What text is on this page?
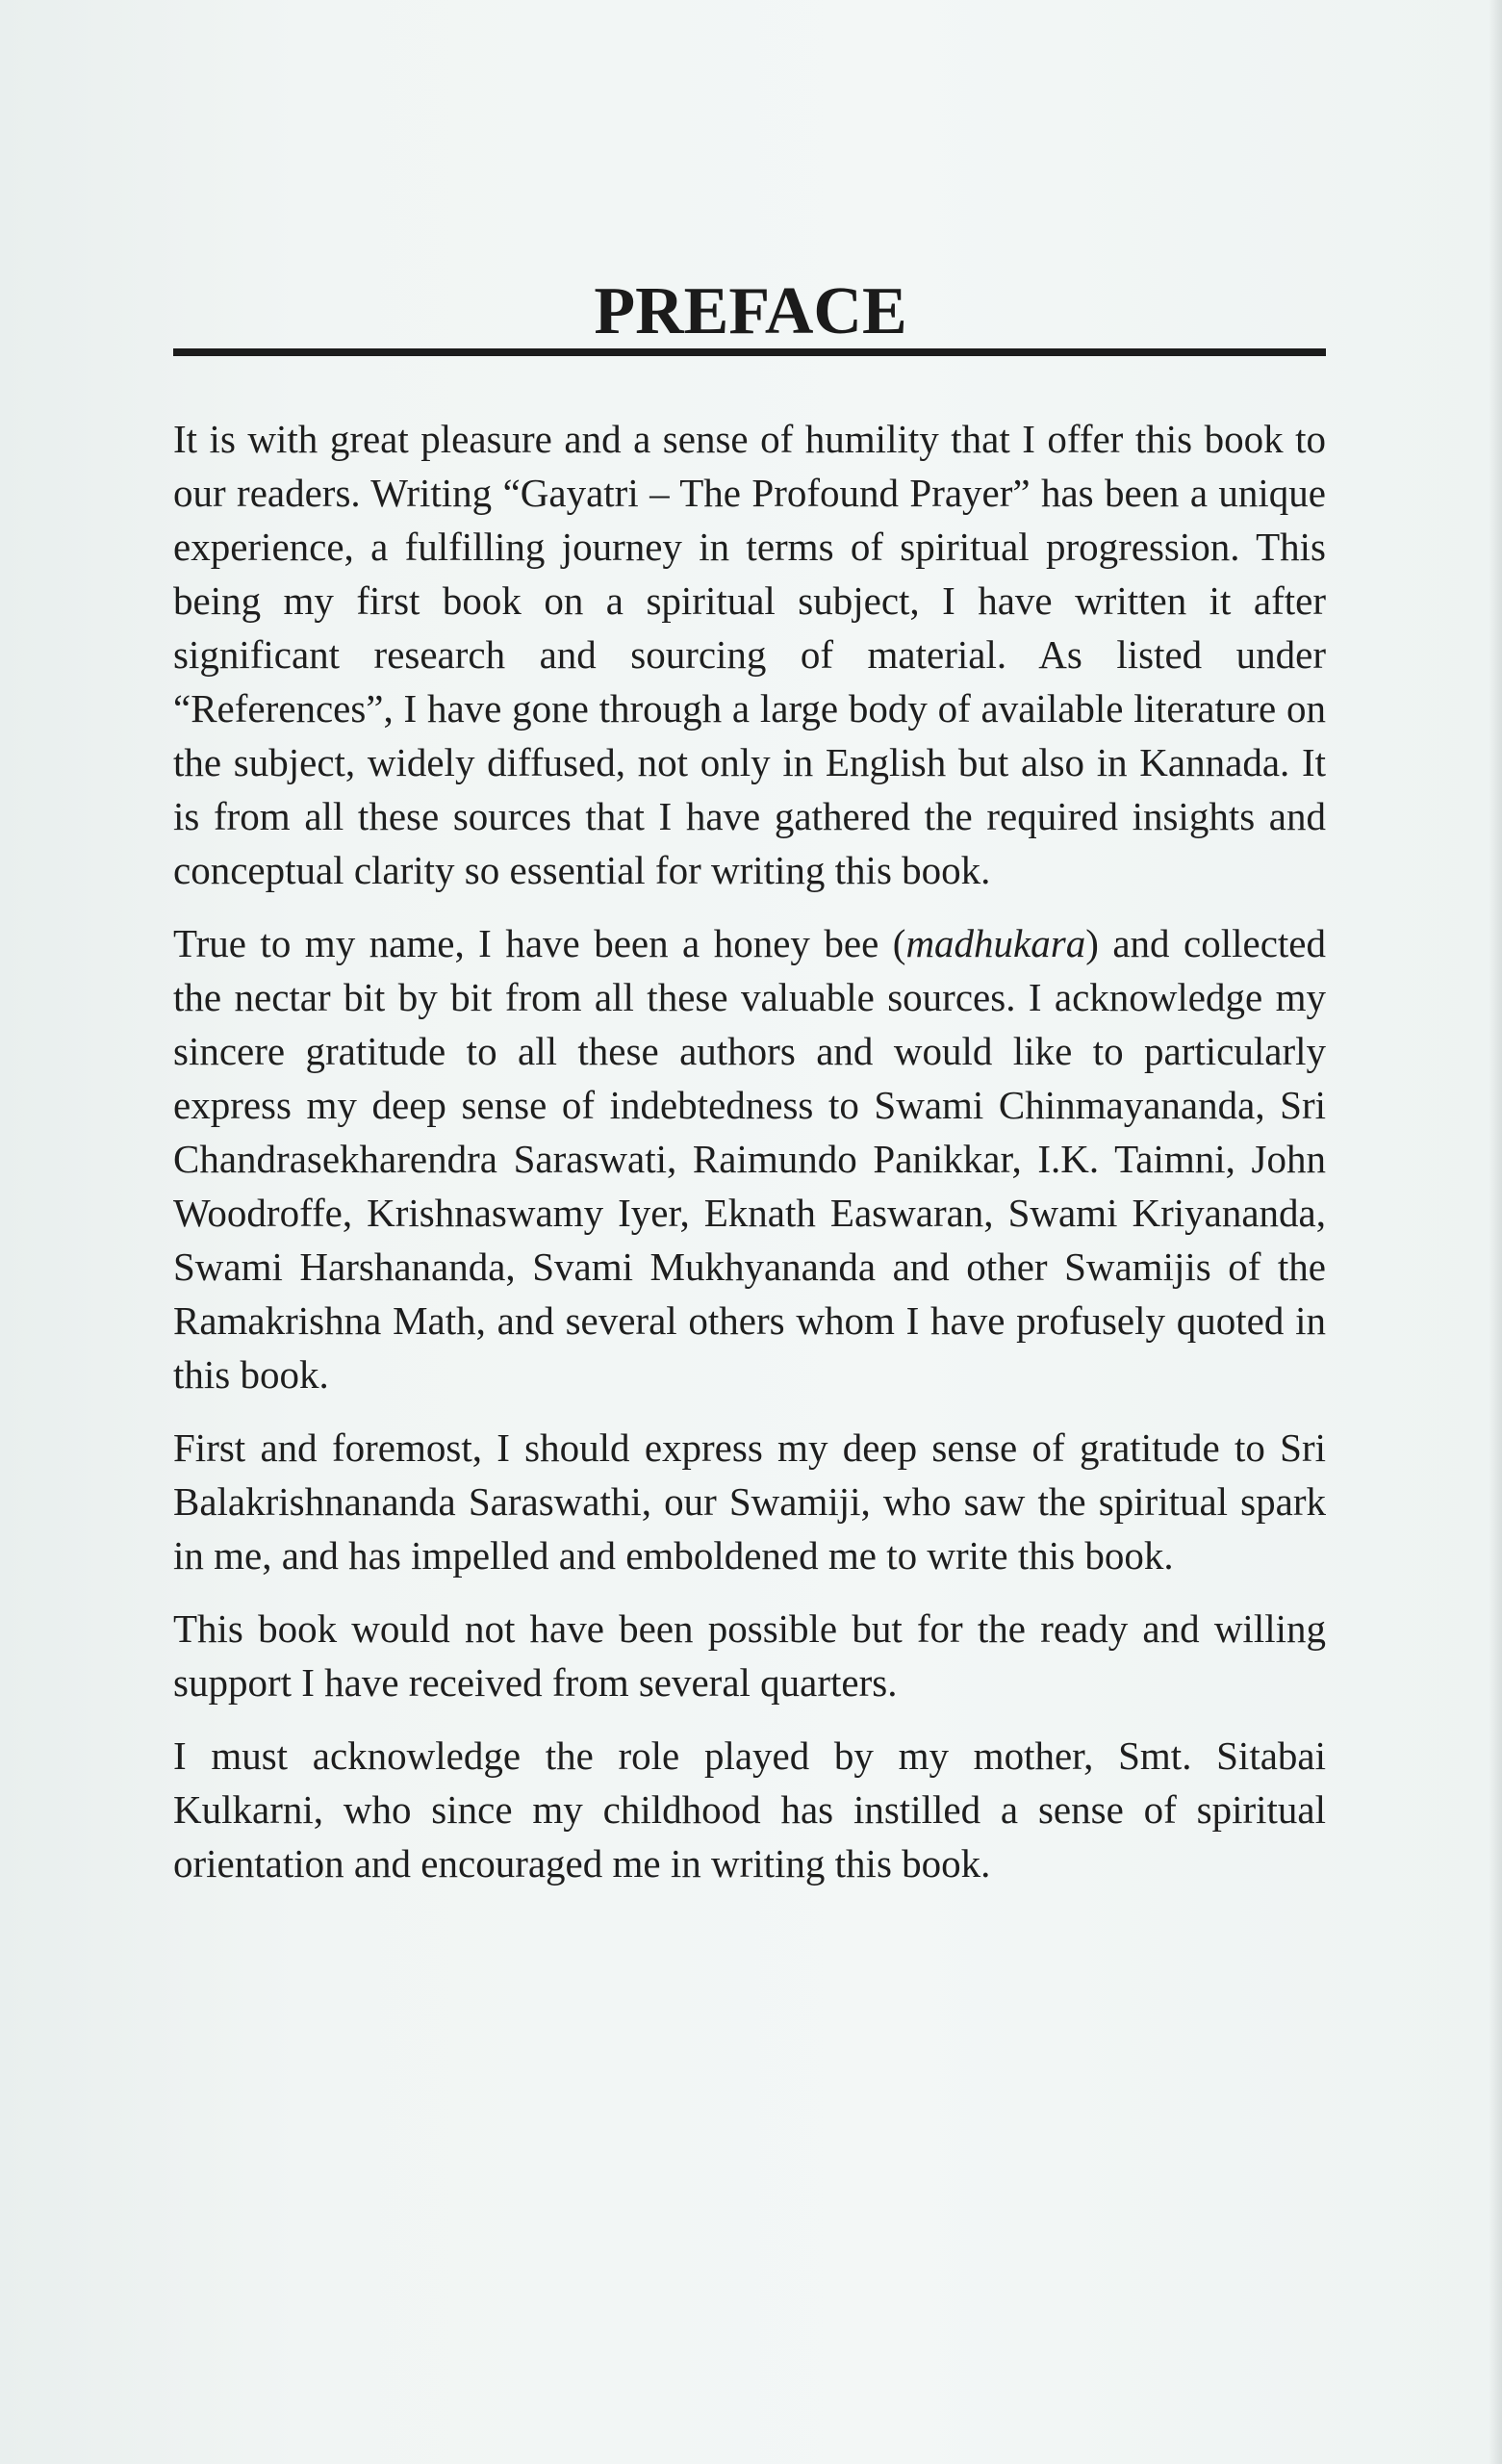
PREFACE

It is with great pleasure and a sense of humility that I offer this book to our readers. Writing “Gayatri – The Profound Prayer” has been a unique experience, a fulfilling journey in terms of spiritual progression. This being my first book on a spiritual subject, I have written it after significant research and sourcing of material. As listed under “References”, I have gone through a large body of available literature on the subject, widely diffused, not only in English but also in Kannada. It is from all these sources that I have gathered the required insights and conceptual clarity so essential for writing this book.

True to my name, I have been a honey bee (madhukara) and collected the nectar bit by bit from all these valuable sources. I acknowledge my sincere gratitude to all these authors and would like to particularly express my deep sense of indebtedness to Swami Chinmayananda, Sri Chandrasekharendra Saraswati, Raimundo Panikkar, I.K. Taimni, John Woodroffe, Krishnaswamy Iyer, Eknath Easwaran, Swami Kriyananda, Swami Harshananda, Svami Mukhyananda and other Swamijis of the Ramakrishna Math, and several others whom I have profusely quoted in this book.

First and foremost, I should express my deep sense of gratitude to Sri Balakrishnananda Saraswathi, our Swamiji, who saw the spiritual spark in me, and has impelled and emboldened me to write this book.

This book would not have been possible but for the ready and willing support I have received from several quarters.

I must acknowledge the role played by my mother, Smt. Sitabai Kulkarni, who since my childhood has instilled a sense of spiritual orientation and encouraged me in writing this book.
